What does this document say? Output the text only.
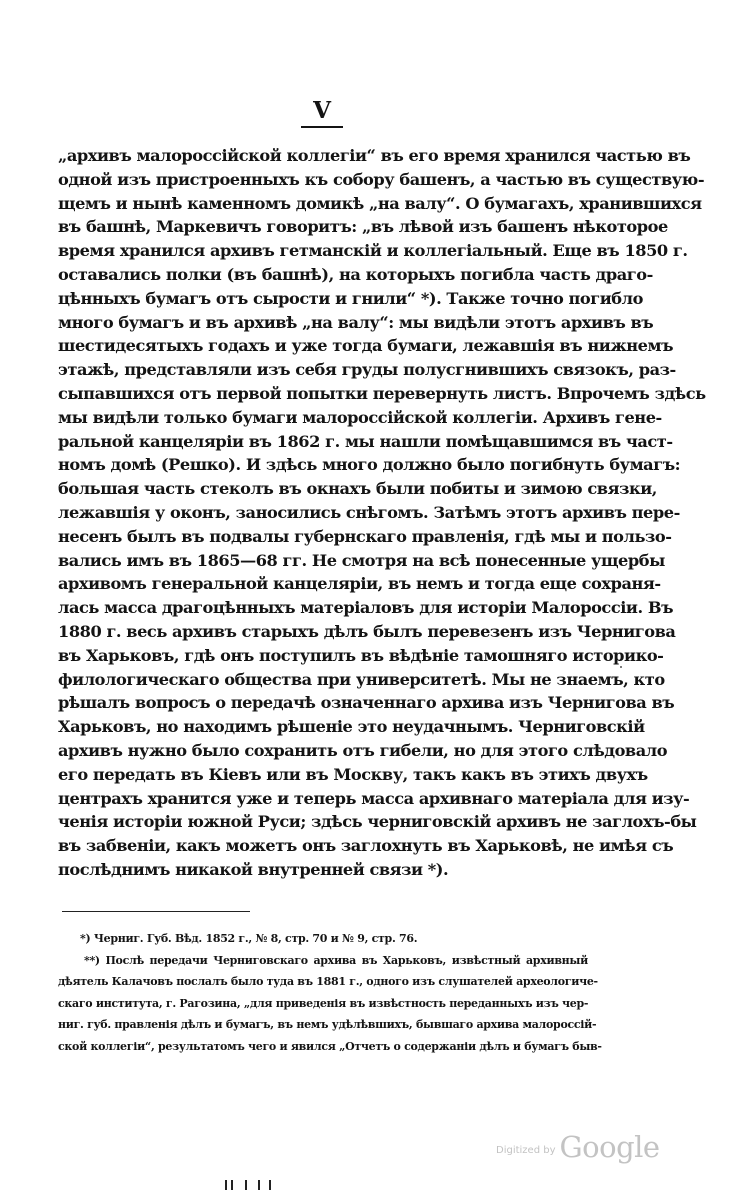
V
„архивъ малороссійской коллегіи“ въ его время хранился частью въ
одной изъ пристроенныхъ къ собору башенъ, а частью въ существую-
щемъ и нынѣ каменномъ домикѣ „на валу“. О бумагахъ, хранившихся
въ башнѣ, Маркевичъ говоритъ: „въ лѣвой изъ башенъ нѣкоторое
время хранился архивъ гетманскій и коллегіальный. Еще въ 1850 г.
оставались полки (въ башнѣ), на которыхъ погибла часть драго-
цѣнныхъ бумагъ отъ сырости и гнили“ *). Также точно погибло
много бумагъ и въ архивѣ „на валу“: мы видѣли этотъ архивъ въ
шестидесятыхъ годахъ и уже тогда бумаги, лежавшія въ нижнемъ
этажѣ, представляли изъ себя груды полусгнившихъ связокъ, раз-
сыпавшихся отъ первой попытки перевернуть листъ. Впрочемъ здѣсь
мы видѣли только бумаги малороссійской коллегіи. Архивъ гене-
ральной канцеляріи въ 1862 г. мы нашли помѣщавшимся въ част-
номъ домѣ (Решко). И здѣсь много должно было погибнуть бумагъ:
большая часть стеколъ въ окнахъ были побиты и зимою связки,
лежавшія у оконъ, заносились снѣгомъ. Затѣмъ этотъ архивъ пере-
несенъ былъ въ подвалы губернскаго правленія, гдѣ мы и пользо-
вались имъ въ 1865—68 гг. Не смотря на всѣ понесенные ущербы
архивомъ генеральной канцеляріи, въ немъ и тогда еще сохраня-
лась масса драгоцѣнныхъ матеріаловъ для исторіи Малороссіи. Въ
1880 г. весь архивъ старыхъ дѣлъ былъ перевезенъ изъ Чернигова
въ Харьковъ, гдѣ онъ поступилъ въ вѣдѣніе тамошняго историко-
филологическаго общества при университетѣ. Мы не знаемъ, кто
рѣшалъ вопросъ о передачѣ означеннаго архива изъ Чернигова въ
Харьковъ, но находимъ рѣшеніе это неудачнымъ. Черниговскій
архивъ нужно было сохранить отъ гибели, но для этого слѣдовало
его передать въ Кіевъ или въ Москву, такъ какъ въ этихъ двухъ
центрахъ хранится уже и теперь масса архивнаго матеріала для изу-
ченія исторіи южной Руси; здѣсь черниговскій архивъ не заглохъ-бы
въ забвеніи, какъ можетъ онъ заглохнуть въ Харьковѣ, не имѣя съ
послѣднимъ никакой внутренней связи *).
*) Черниг. Губ. Вѣд. 1852 г., № 8, стр. 70 и № 9, стр. 76.
**) Послѣ передачи Черниговскаго архива въ Харьковъ, извѣстный архивный
дѣятель Калачовъ послалъ было туда въ 1881 г., одного изъ слушателей археологиче-
скаго института, г. Рагозина, „для приведенія въ извѣстность переданныхъ изъ чер-
ниг. губ. правленія дѣлъ и бумагъ, въ немъ удѣлѣвшихъ, бывшаго архива малороссій-
ской коллегіи“, результатомъ чего и явился „Отчетъ о содержаніи дѣлъ и бумагъ быв-
$^{Digitized by}$ Google
